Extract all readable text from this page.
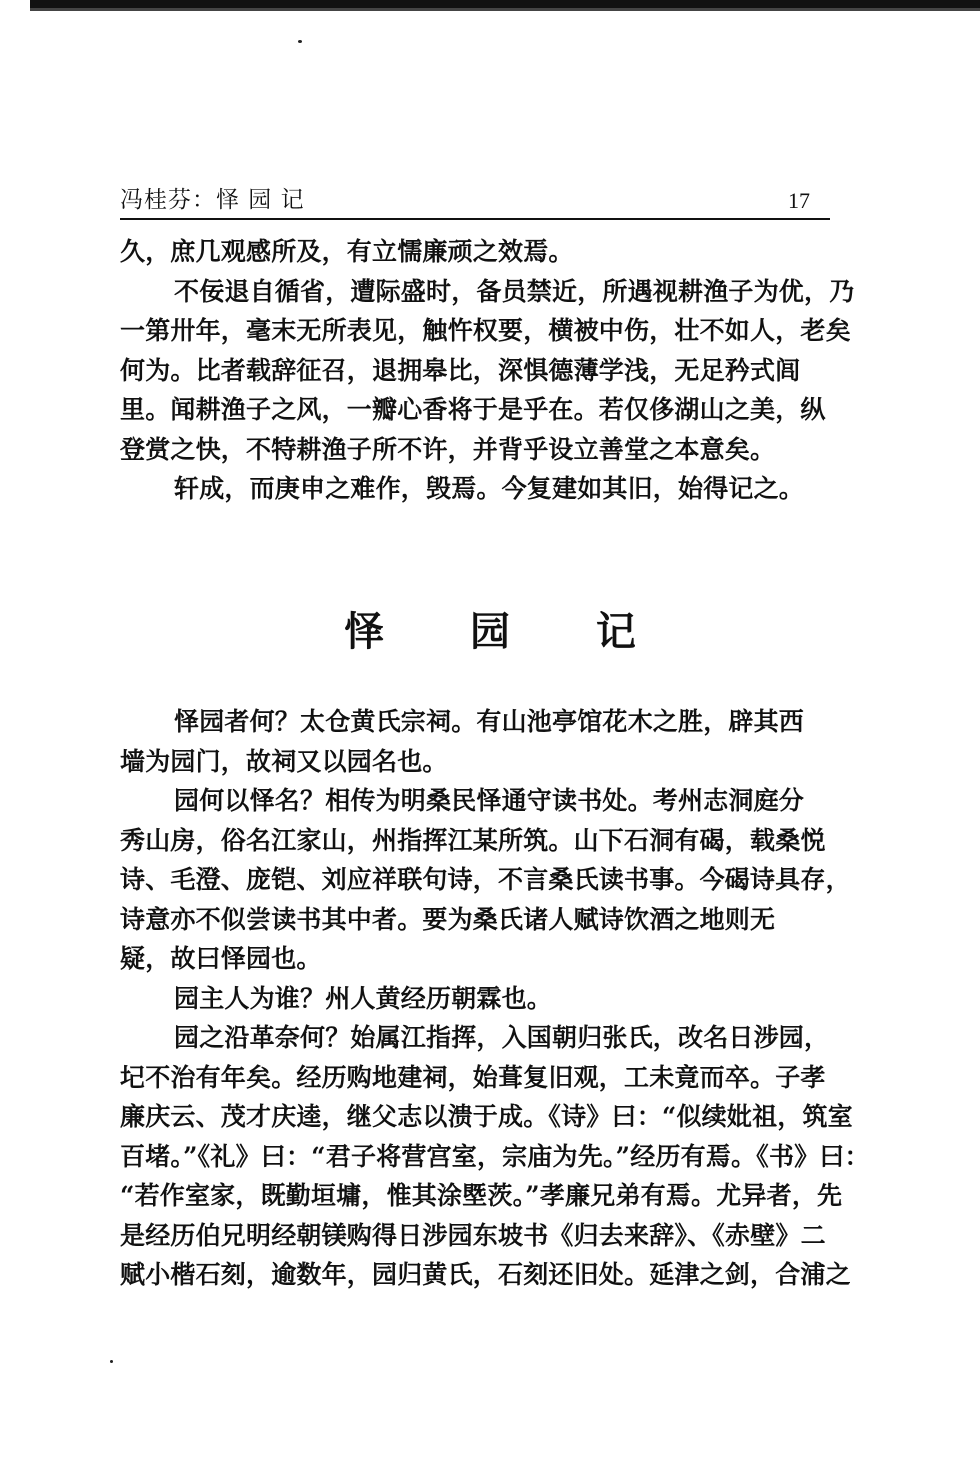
冯桂芬：怿 园 记	17
久，庶几观感所及，有立懦廉顽之效焉。
不佞退自循省，遭际盛时，备员禁近，所遇视耕渔子为优，乃
一第卅年，毫末无所表见，触忤权要，横被中伤，壮不如人，老矣
何为。比者载辞征召，退拥皋比，深惧德薄学浅，无足矜式闾
里。闻耕渔子之风，一瓣心香将于是乎在。若仅侈湖山之美，纵
登赏之快，不特耕渔子所不许，并背乎设立善堂之本意矣。
轩成，而庚申之难作，毁焉。今复建如其旧，始得记之。
怿 园 记
怿园者何？太仓黄氏宗祠。有山池亭馆花木之胜，辟其西
墙为园门，故祠又以园名也。
园何以怿名？相传为明桑民怿通守读书处。考州志洞庭分
秀山房，俗名江家山，州指挥江某所筑。山下石洞有碣，载桑悦
诗、毛澄、庞铠、刘应祥联句诗，不言桑氏读书事。今碣诗具存，
诗意亦不似尝读书其中者。要为桑氏诸人赋诗饮酒之地则无
疑，故曰怿园也。
园主人为谁？州人黄经历朝霖也。
园之沿革奈何？始属江指挥，入国朝归张氏，改名日涉园，
圮不治有年矣。经历购地建祠，始葺复旧观，工未竟而卒。子孝
廉庆云、茂才庆逵，继父志以溃于成。《诗》曰：“似续妣祖，筑室
百堵。”《礼》曰：“君子将营宫室，宗庙为先。”经历有焉。《书》曰：
“若作室家，既勤垣墉，惟其涂塈茨。”孝廉兄弟有焉。尤异者，先
是经历伯兄明经朝镁购得日涉园东坡书《归去来辞》、《赤壁》二
赋小楷石刻，逾数年，园归黄氏，石刻还旧处。延津之剑，合浦之
